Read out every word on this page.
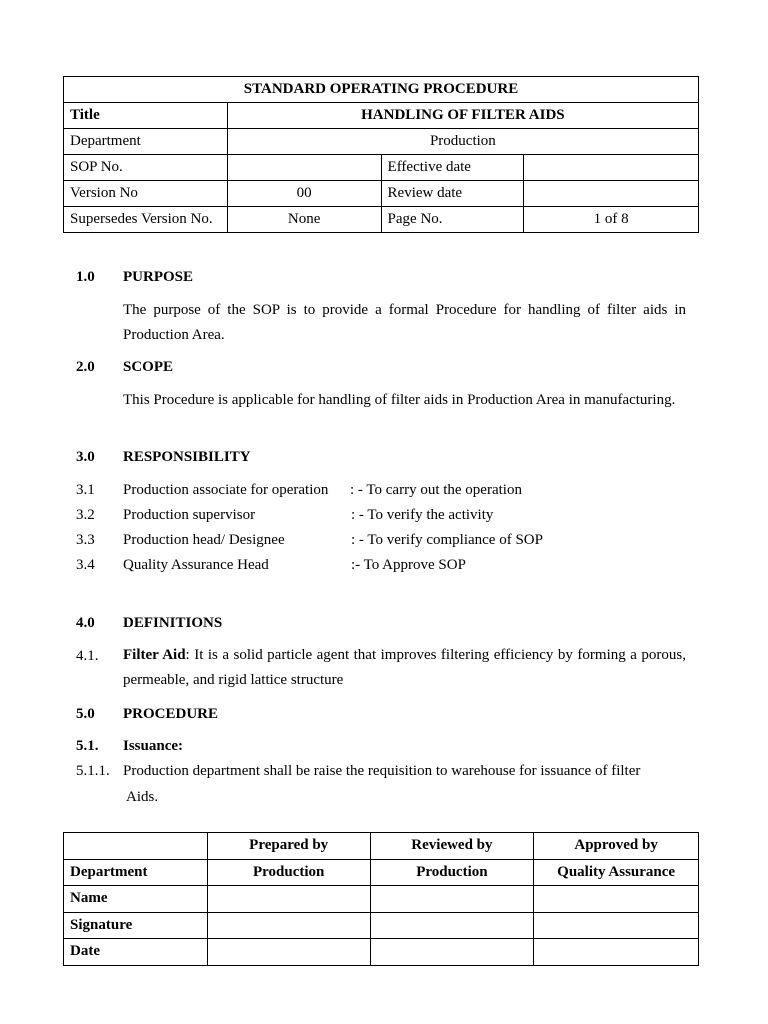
STANDARD OPERATING PROCEDURE			
Title	HANDLING OF FILTER AIDS		
Department	Production		
SOP No.		Effective date	
Version No	00	Review date	
Supersedes Version No.	None	Page No.	1 of 8
1.0 PURPOSE
The purpose of the SOP is to provide a formal Procedure for handling of filter aids in Production Area.
2.0 SCOPE
This Procedure is applicable for handling of filter aids in Production Area in manufacturing.
3.0 RESPONSIBILITY
3.1 Production associate for operation : - To carry out the operation
3.2 Production supervisor	: - To verify the activity
3.3 Production head/ Designee	: - To verify compliance of SOP
3.4 Quality Assurance Head	:- To Approve SOP
4.0 DEFINITIONS
4.1. Filter Aid: It is a solid particle agent that improves filtering efficiency by forming a porous, permeable, and rigid lattice structure
5.0 PROCEDURE
5.1. Issuance:
5.1.1. Production department shall be raise the requisition to warehouse for issuance of filter
Aids.
	Prepared by	Reviewed by	Approved by
Department	Production	Production	Quality Assurance
Name			
Signature			
Date			
